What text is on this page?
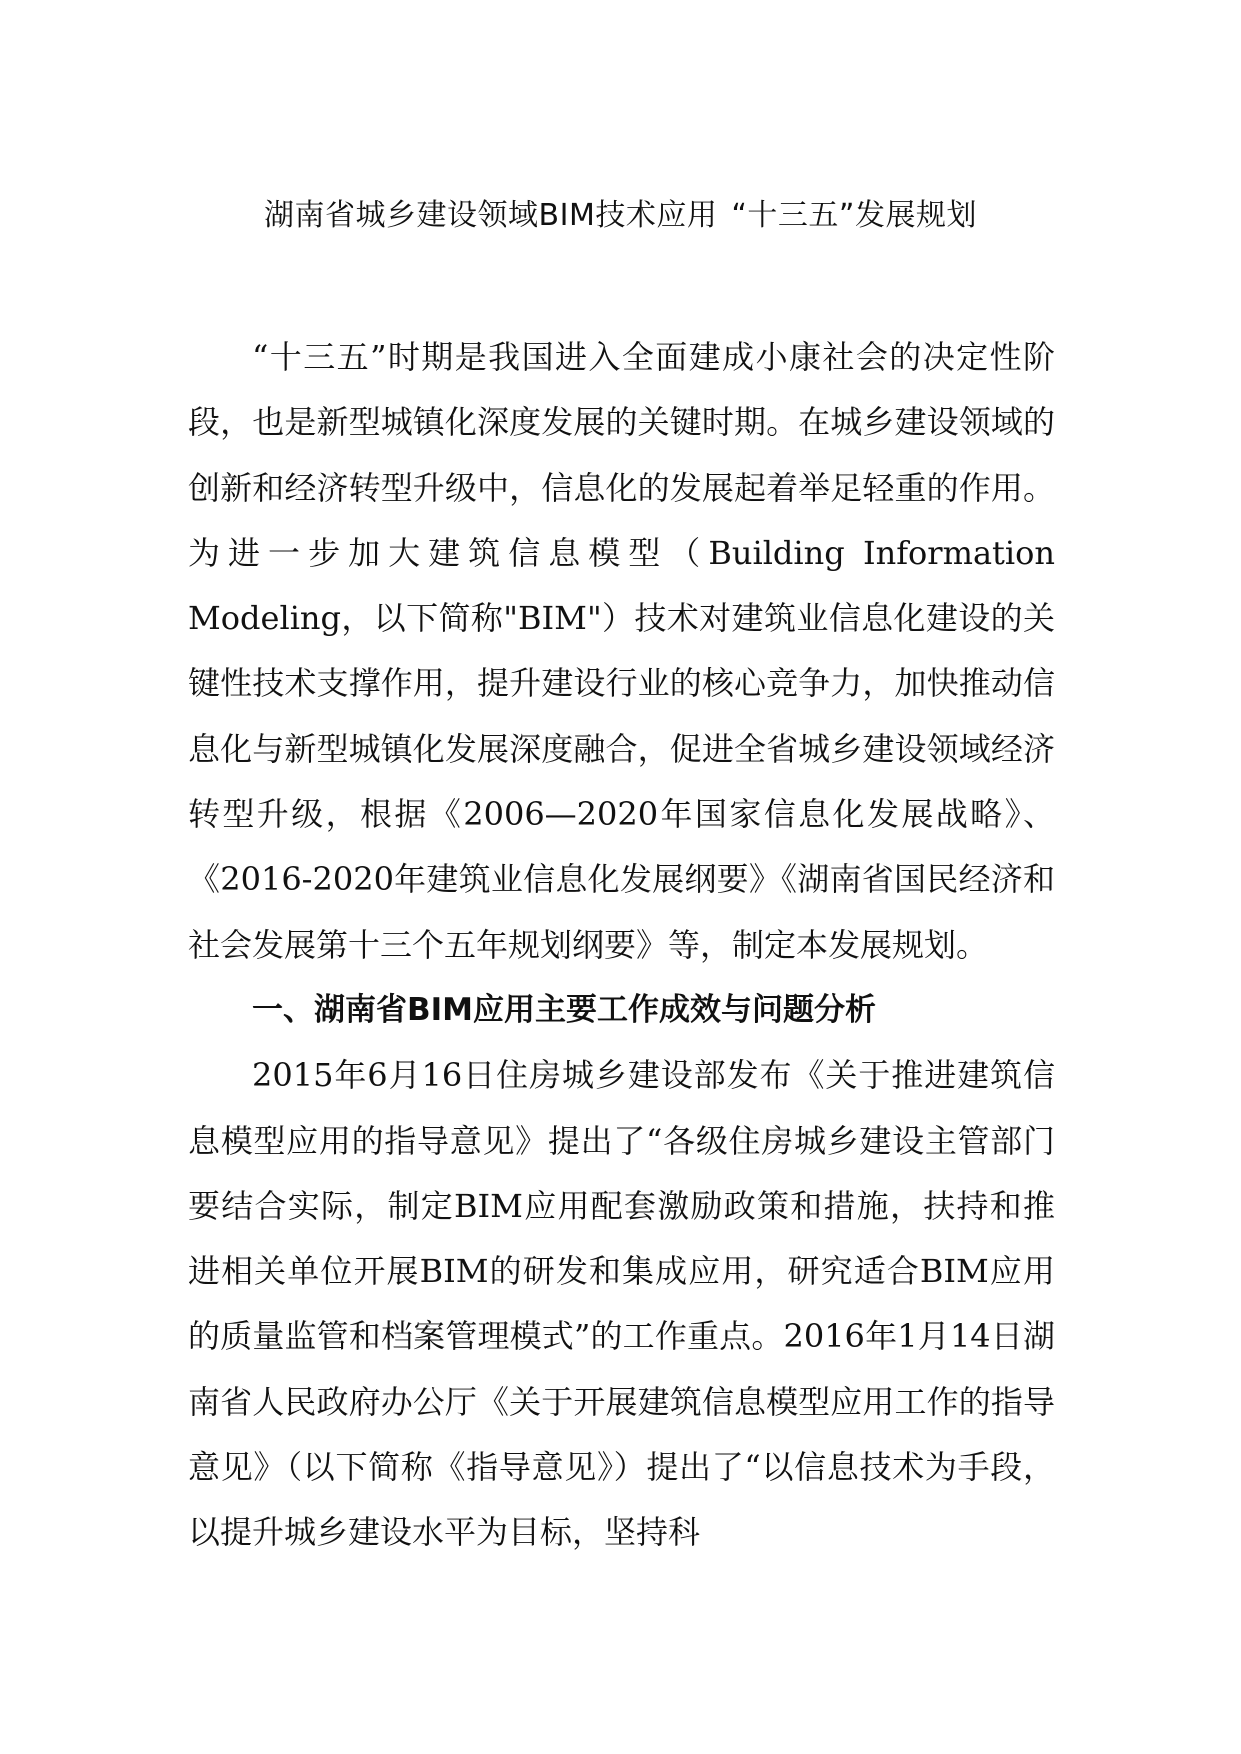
湖南省城乡建设领域BIM技术应用 “十三五”发展规划

“十三五”时期是我国进入全面建成小康社会的决定性阶段，也是新型城镇化深度发展的关键时期。在城乡建设领域的创新和经济转型升级中，信息化的发展起着举足轻重的作用。为进一步加大建筑信息模型（Building Information Modeling，以下简称"BIM"）技术对建筑业信息化建设的关键性技术支撑作用，提升建设行业的核心竞争力，加快推动信息化与新型城镇化发展深度融合，促进全省城乡建设领域经济转型升级，根据《2006—2020年国家信息化发展战略》、《2016-2020年建筑业信息化发展纲要》《湖南省国民经济和社会发展第十三个五年规划纲要》等，制定本发展规划。

一、湖南省BIM应用主要工作成效与问题分析

2015年6月16日住房城乡建设部发布《关于推进建筑信息模型应用的指导意见》提出了“各级住房城乡建设主管部门要结合实际，制定BIM应用配套激励政策和措施，扶持和推进相关单位开展BIM的研发和集成应用，研究适合BIM应用的质量监管和档案管理模式”的工作重点。2016年1月14日湖南省人民政府办公厅《关于开展建筑信息模型应用工作的指导意见》（以下简称《指导意见》）提出了“以信息技术为手段，以提升城乡建设水平为目标，坚持科
